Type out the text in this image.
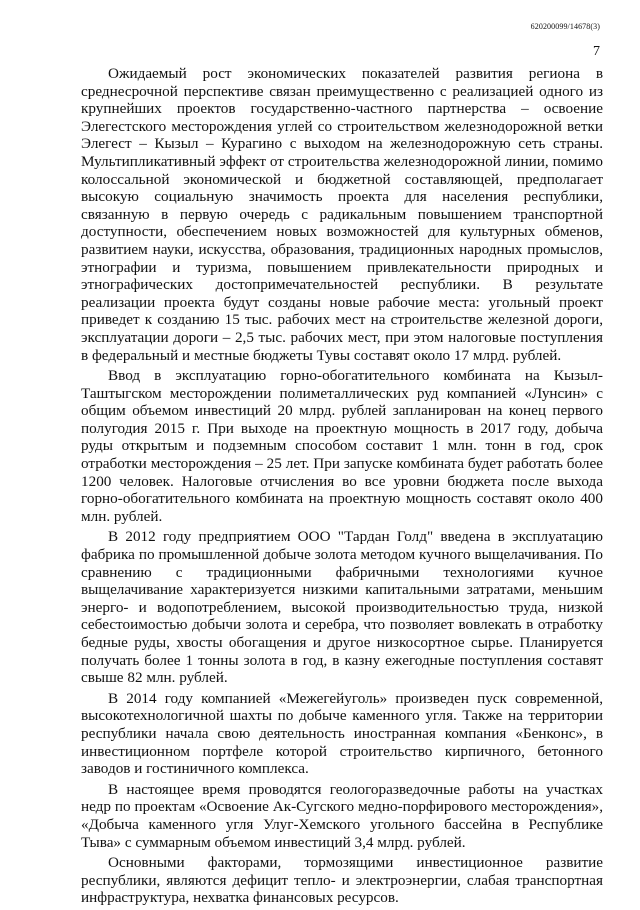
620200099/14678(3)
7

Ожидаемый рост экономических показателей развития региона в среднесрочной перспективе связан преимущественно с реализацией одного из крупнейших проектов государственно-частного партнерства – освоение Элегестского месторождения углей со строительством железнодорожной ветки Элегест – Кызыл – Курагино с выходом на железнодорожную сеть страны. Мультипликативный эффект от строительства железнодорожной линии, помимо колоссальной экономической и бюджетной составляющей, предполагает высокую социальную значимость проекта для населения республики, связанную в первую очередь с радикальным повышением транспортной доступности, обеспечением новых возможностей для культурных обменов, развитием науки, искусства, образования, традиционных народных промыслов, этнографии и туризма, повышением привлекательности природных и этнографических достопримечательностей республики. В результате реализации проекта будут созданы новые рабочие места: угольный проект приведет к созданию 15 тыс. рабочих мест на строительстве железной дороги, эксплуатации дороги – 2,5 тыс. рабочих мест, при этом налоговые поступления в федеральный и местные бюджеты Тувы составят около 17 млрд. рублей.

Ввод в эксплуатацию горно-обогатительного комбината на Кызыл-Таштыгском месторождении полиметаллических руд компанией «Лунсин» с общим объемом инвестиций 20 млрд. рублей запланирован на конец первого полугодия 2015 г. При выходе на проектную мощность в 2017 году, добыча руды открытым и подземным способом составит 1 млн. тонн в год, срок отработки месторождения – 25 лет. При запуске комбината будет работать более 1200 человек. Налоговые отчисления во все уровни бюджета после выхода горно-обогатительного комбината на проектную мощность составят около 400 млн. рублей.

В 2012 году предприятием ООО "Тардан Голд" введена в эксплуатацию фабрика по промышленной добыче золота методом кучного выщелачивания. По сравнению с традиционными фабричными технологиями кучное выщелачивание характеризуется низкими капитальными затратами, меньшим энерго- и водопотреблением, высокой производительностью труда, низкой себестоимостью добычи золота и серебра, что позволяет вовлекать в отработку бедные руды, хвосты обогащения и другое низкосортное сырье. Планируется получать более 1 тонны золота в год, в казну ежегодные поступления составят свыше 82 млн. рублей.

В 2014 году компанией «Межегейуголь» произведен пуск современной, высокотехнологичной шахты по добыче каменного угля. Также на территории республики начала свою деятельность иностранная компания «Бенконс», в инвестиционном портфеле которой строительство кирпичного, бетонного заводов и гостиничного комплекса.

В настоящее время проводятся геологоразведочные работы на участках недр по проектам «Освоение Ак-Сугского медно-порфирового месторождения», «Добыча каменного угля Улуг-Хемского угольного бассейна в Республике Тыва» с суммарным объемом инвестиций 3,4 млрд. рублей.

Основными факторами, тормозящими инвестиционное развитие республики, являются дефицит тепло- и электроэнергии, слабая транспортная инфраструктура, нехватка финансовых ресурсов.
